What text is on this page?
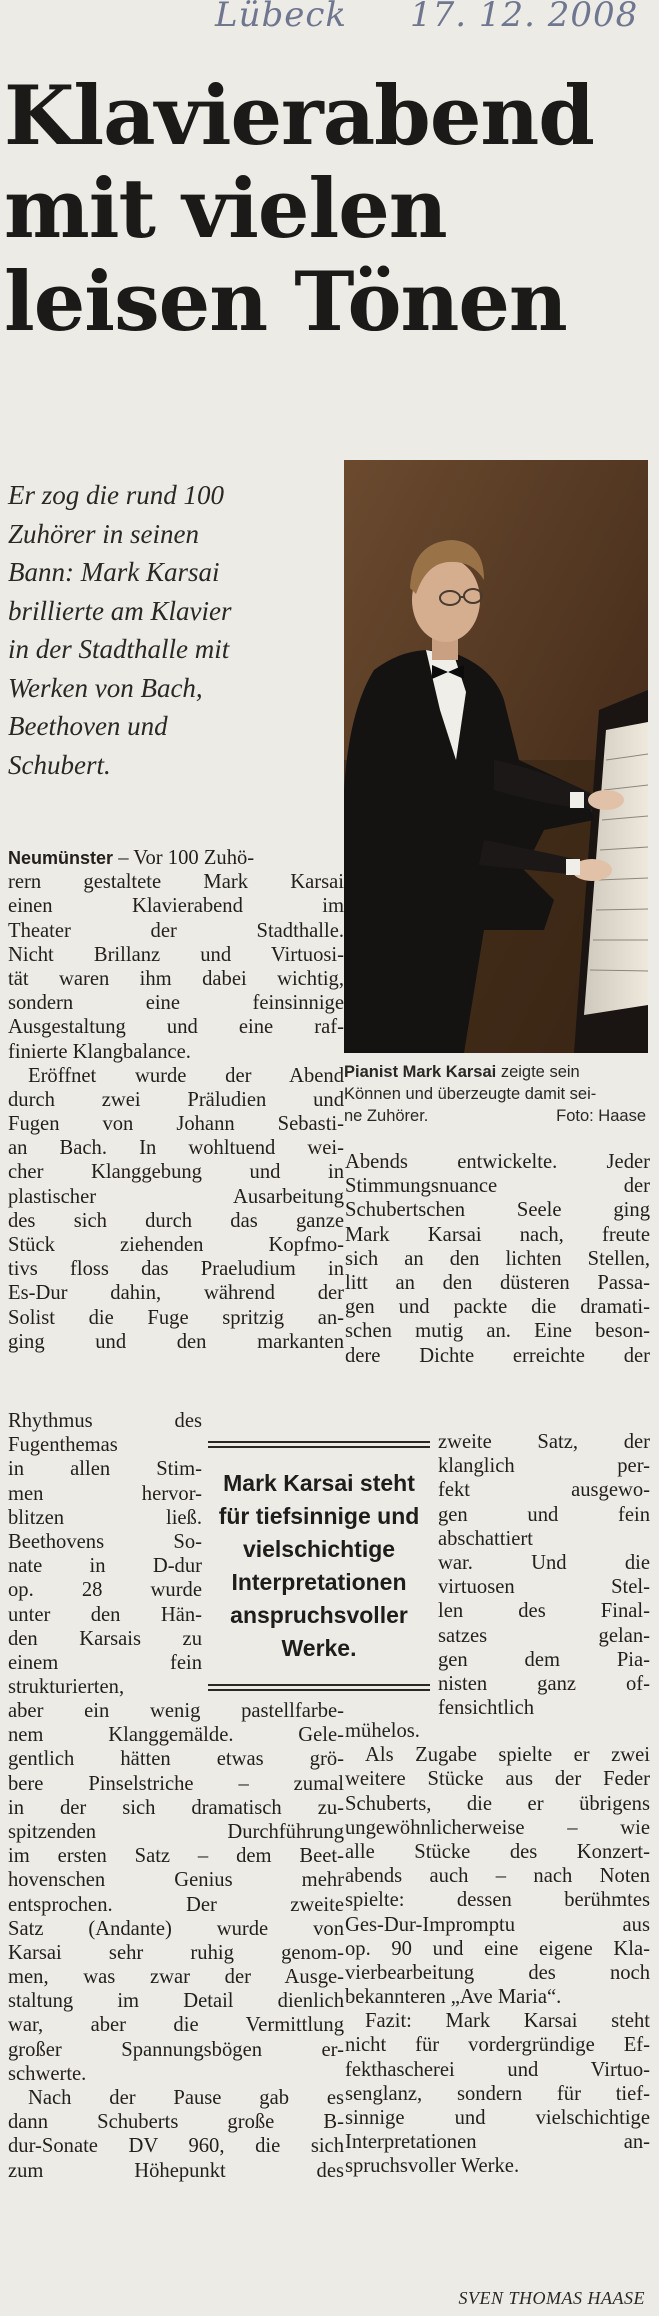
Lübeck 17. 12. 2008
Klavierabend
mit vielen
leisen Tönen
Er zog die rund 100
Zuhörer in seinen
Bann: Mark Karsai
brillierte am Klavier
in der Stadthalle mit
Werken von Bach,
Beethoven und
Schubert.
Pianist Mark Karsai zeigte sein
Können und überzeugte damit sei-
ne Zuhörer.	Foto: Haase
Neumünster – Vor 100 Zuhö-
rern gestaltete Mark Karsai
einen Klavierabend im
Theater der Stadthalle.
Nicht Brillanz und Virtuosi-
tät waren ihm dabei wichtig,
sondern eine feinsinnige
Ausgestaltung und eine raf-
finierte Klangbalance.
Eröffnet wurde der Abend
durch zwei Präludien und
Fugen von Johann Sebasti-
an Bach. In wohltuend wei-
cher Klanggebung und in
plastischer Ausarbeitung
des sich durch das ganze
Stück ziehenden Kopfmo-
tivs floss das Praeludium in
Es-Dur dahin, während der
Solist die Fuge spritzig an-
ging und den markanten
Rhythmus des
Fugenthemas
in allen Stim-
men hervor-
blitzen ließ.
Beethovens So-
nate in D-dur
op. 28 wurde
unter den Hän-
den Karsais zu
einem fein
strukturierten,
aber ein wenig pastellfarbe-
nem Klanggemälde. Gele-
gentlich hätten etwas grö-
bere Pinselstriche – zumal
in der sich dramatisch zu-
spitzenden Durchführung
im ersten Satz – dem Beet-
hovenschen Genius mehr
entsprochen. Der zweite
Satz (Andante) wurde von
Karsai sehr ruhig genom-
men, was zwar der Ausge-
staltung im Detail dienlich
war, aber die Vermittlung
großer Spannungsbögen er-
schwerte.
Nach der Pause gab es
dann Schuberts große B-
dur-Sonate DV 960, die sich
zum Höhepunkt des
Abends entwickelte. Jeder
Stimmungsnuance der
Schubertschen Seele ging
Mark Karsai nach, freute
sich an den lichten Stellen,
litt an den düsteren Passa-
gen und packte die dramati-
schen mutig an. Eine beson-
dere Dichte erreichte der
zweite Satz, der
klanglich per-
fekt ausgewo-
gen und fein
abschattiert
war. Und die
virtuosen Stel-
len des Final-
satzes gelan-
gen dem Pia-
nisten ganz of-
fensichtlich
mühelos.
Als Zugabe spielte er zwei
weitere Stücke aus der Feder
Schuberts, die er übrigens
ungewöhnlicherweise – wie
alle Stücke des Konzert-
abends auch – nach Noten
spielte: dessen berühmtes
Ges-Dur-Impromptu aus
op. 90 und eine eigene Kla-
vierbearbeitung des noch
bekannteren „Ave Maria“.
Fazit: Mark Karsai steht
nicht für vordergründige Ef-
fekthascherei und Virtuo-
senglanz, sondern für tief-
sinnige und vielschichtige
Interpretationen an-
spruchsvoller Werke.
Mark Karsai steht
für tiefsinnige und
vielschichtige
Interpretationen
anspruchsvoller
Werke.
SVEN THOMAS HAASE
